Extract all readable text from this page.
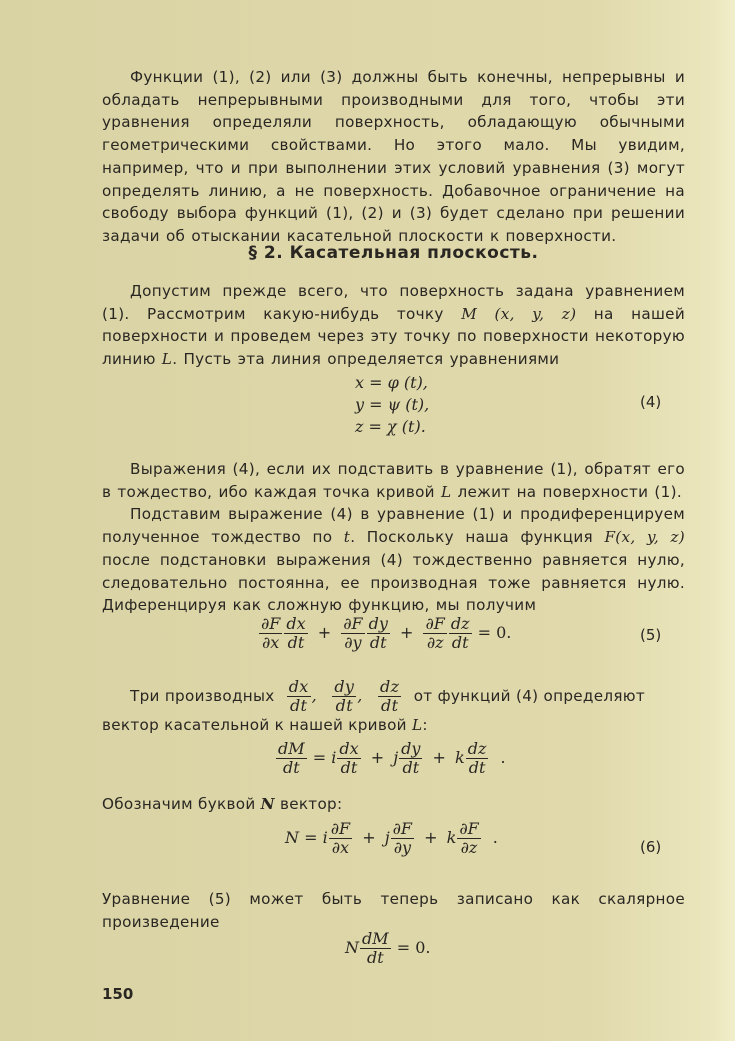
Функции (1), (2) или (3) должны быть конечны, непрерывны и обладать непрерывными производными для того, чтобы эти уравнения определяли поверхность, обладающую обычными геометрическими свойствами. Но этого мало. Мы увидим, например, что и при выполнении этих условий уравнения (3) могут определять линию, а не поверхность. Добавочное ограничение на свободу выбора функций (1), (2) и (3) будет сделано при решении задачи об отыскании касательной плоскости к поверхности.

§ 2. Касательная плоскость.

Допустим прежде всего, что поверхность задана уравнением (1). Рассмотрим какую-нибудь точку M (x, y, z) на нашей поверхности и проведем через эту точку по поверхности некоторую линию L. Пусть эта линия определяется уравнениями

x = φ (t),
y = ψ (t),
z = χ (t).
(4)

Выражения (4), если их подставить в уравнение (1), обратят его в тождество, ибо каждая точка кривой L лежит на поверхности (1).

Подставим выражение (4) в уравнение (1) и продиференцируем полученное тождество по t. Поскольку наша функция F(x, y, z) после подстановки выражения (4) тождественно равняется нулю, следовательно постоянна, ее производная тоже равняется нулю. Диференцируя как сложную функцию, мы получим

$\frac{\partial F}{\partial x} \frac{dx}{dt} + \frac{\partial F}{\partial y} \frac{dy}{dt} + \frac{\partial F}{\partial z} \frac{dz}{dt} = 0$.	(5)
Три производных $\frac{dx}{dt}$ , $\frac{dy}{dt}$ , $\frac{dz}{dt}$ от функций (4) определяют
вектор касательной к нашей кривой L:
$\frac{dM}{dt} = i \frac{dx}{dt} + j \frac{dy}{dt} + k \frac{dz}{dt}$ .
Обозначим буквой N вектор:
N = i $\frac{\partial F}{\partial x} + j \frac{\partial F}{\partial y} + k \frac{\partial F}{\partial z}$ .	(6)

Уравнение (5) может быть теперь записано как скалярное произведение

N $\frac{dM}{dt} = 0$.
150
